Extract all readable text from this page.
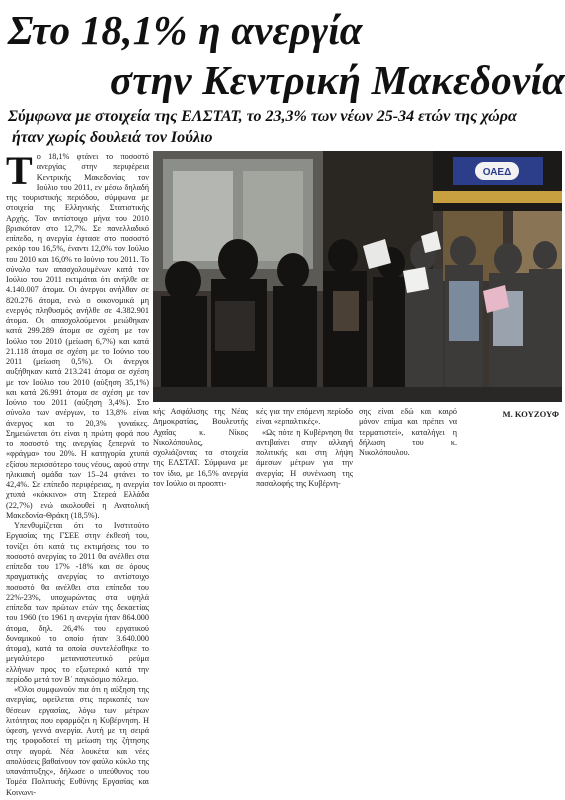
Στο 18,1% η ανεργία
στην Κεντρική Μακεδονία
Σύμφωνα με στοιχεία της ΕΛΣΤΑΤ, το 23,3% των νέων 25-34 ετών της χώρα
ήταν χωρίς δουλειά τον Ιούλιο
Τ ο 18,1% φτάνει το ποσοστό ανεργίας στην περιφέρεια Κεντρικής Μακεδονίας τον Ιούλιο του 2011, εν μέσω δηλαδή της τουριστικής περιόδου, σύμφωνα με στοιχεία της Ελληνικής Στατιστικής Αρχής. Τον αντίστοιχο μήνα του 2010 βρισκόταν στο 12,7%. Σε πανελλαδικό επίπεδο, η ανεργία έφτασε στο ποσοστό ρεκόρ του 16,5%, έναντι 12,0% τον Ιούλιο του 2010 και 16,0% το Ιούνιο του 2011. Το σύνολο των απασχολουμένων κατά τον Ιούλιο του 2011 εκτιμάται ότι ανήλθε σε 4.140.007 άτομα. Οι άνεργοι ανήλθαν σε 820.276 άτομα, ενώ ο οικονομικά μη ενεργός πληθυσμός ανήλθε σε 4.382.901 άτομα. Οι απασχολούμενοι μειώθηκαν κατά 299.289 άτομα σε σχέση με τον Ιούλιο του 2010 (μείωση 6,7%) και κατά 21.118 άτομα σε σχέση με το Ιούνιο του 2011 (μείωση 0,5%). Οι άνεργοι αυξήθηκαν κατά 213.241 άτομα σε σχέση με τον Ιούλιο του 2010 (αύξηση 35,1%) και κατά 26.991 άτομα σε σχέση με τον Ιούνιο του 2011 (αύξηση 3,4%). Στο σύνολο των ανέργων, το 13,8% είναι άνεργος και το 20,3% γυναίκες. Σημειώνεται ότι είναι η πρώτη φορά που το ποσοστό της ανεργίας ξεπερνά το «φράγμα» του 20%. Η κατηγορία χτυπά εξίσου περισσότερο τους νέους, αφού στην ηλικιακή ομάδα των 15–24 φτάνει το 42,4%. Σε επίπεδο περιφέρειας, η ανεργία χτυπά «κόκκινο» στη Στερεά Ελλάδα (22,7%) ενώ ακολουθεί η Ανατολική Μακεδονία-Θράκη (18,5%).

Υπενθυμίζεται ότι το Ινστιτούτο Εργασίας της ΓΣΕΕ στην έκθεσή του, τονίζει ότι κατά τις εκτιμήσεις του το ποσοστό ανεργίας το 2011 θα ανέλθει στα επίπεδα του 17% -18% και σε όρους πραγματικής ανεργίας το αντίστοιχο ποσοστό θα ανέλθει στα επίπεδα του 22%-23%, υποχωρώντας στα υψηλά επίπεδα των πρώτων ετών της δεκαετίας του 1960 (το 1961 η ανεργία ήταν 864.000 άτομα, δηλ. 26,4% του εργατικού δυναμικού το οποίο ήταν 3.640.000 άτομα), κατά τα οποία συντελέσθηκε το μεγαλύτερο μεταναστευτικό ρεύμα ελλήνων προς το εξωτερικό κατά την περίοδο μετά τον Β΄ παγκόσμιο πόλεμο.

«Όλοι συμφωνούν πια ότι η αύξηση της ανεργίας, οφείλεται στις περικοπές των θέσεων εργασίας, λόγω των μέτρων λιτότητας που εφαρμόζει η Κυβέρνηση. Η ύφεση, γεννά ανεργία. Αυτή με τη σειρά της τροφοδοτεί τη μείωση της ζήτησης στην αγορά. Νέα λουκέτα και νέες απολύσεις βαθαίνουν τον φαύλο κύκλο της υπανάπτυξης», δήλωσε ο υπεύθυνος του Τομέα Πολιτικής Ευθύνης Εργασίας και Κοινωνι-

ΟΑΕΔ

κής Ασφάλισης της Νέας Δημοκρατίας, Βουλευτής Αχαΐας κ. Νίκος Νικολόπουλος, σχολιάζοντας τα στοιχεία της ΕΛΣΤΑΤ. Σύμφωνα με τον ίδιο, με 16,5% ανεργία τον Ιούλιο οι προοπτι-

κές για την επόμενη περίοδο είναι «ερπαλτικές».

«Ως πότε η Κυβέρνηση θα αντιβαίνει στην αλλαγή πολιτικής και στη λήψη άμεσων μέτρων για την ανεργία; Η συνένωση της πασαλοφής της Κυβέρνη-

σης είναι εδώ και καιρό μόνον επίμα και πρέπει να τερματιστεί», καταλήγει η δήλωση του κ. Νικολόπουλου.

Μ. ΚΟΥΖΟΥΦ
